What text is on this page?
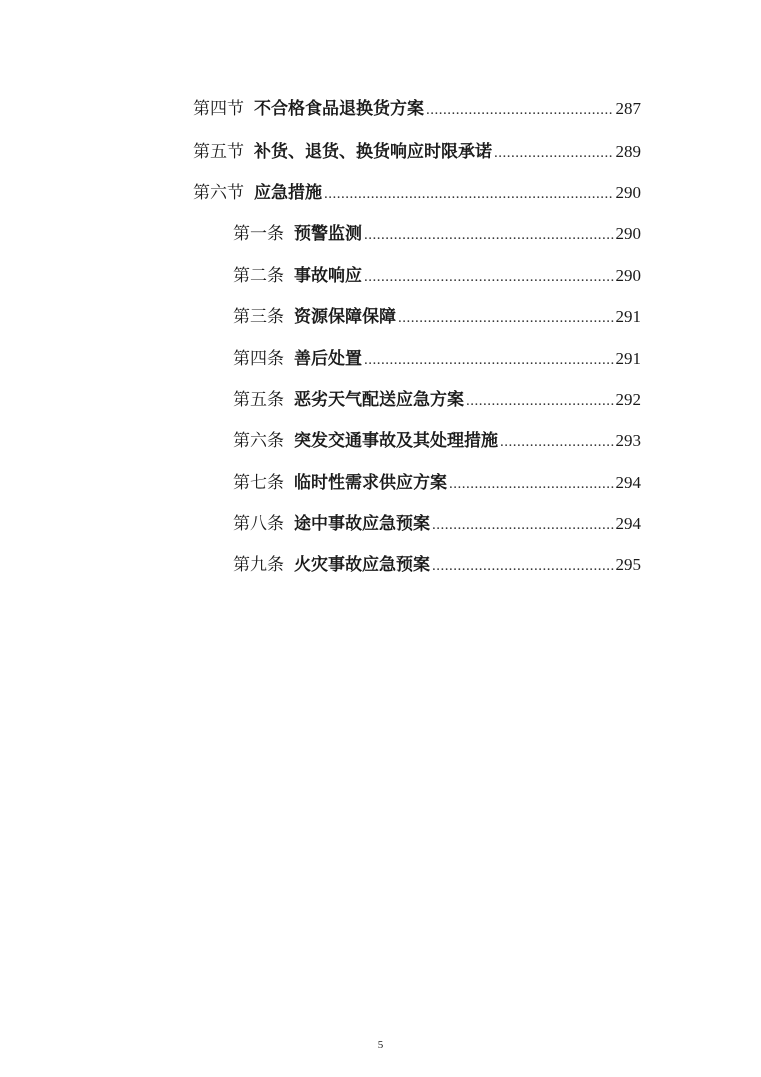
第四节 不合格食品退换货方案 .....	287
第五节 补货、退货、换货响应时限承诺 .....	289
第六节 应急措施 .....	290
第一条 预警监测 .....	290
第二条 事故响应 .....	290
第三条 资源保障保障 .....	291
第四条 善后处置 .....	291
第五条 恶劣天气配送应急方案 .....	292
第六条 突发交通事故及其处理措施 .....	293
第七条 临时性需求供应方案 .....	294
第八条 途中事故应急预案 .....	294
第九条 火灾事故应急预案 .....	295
5
